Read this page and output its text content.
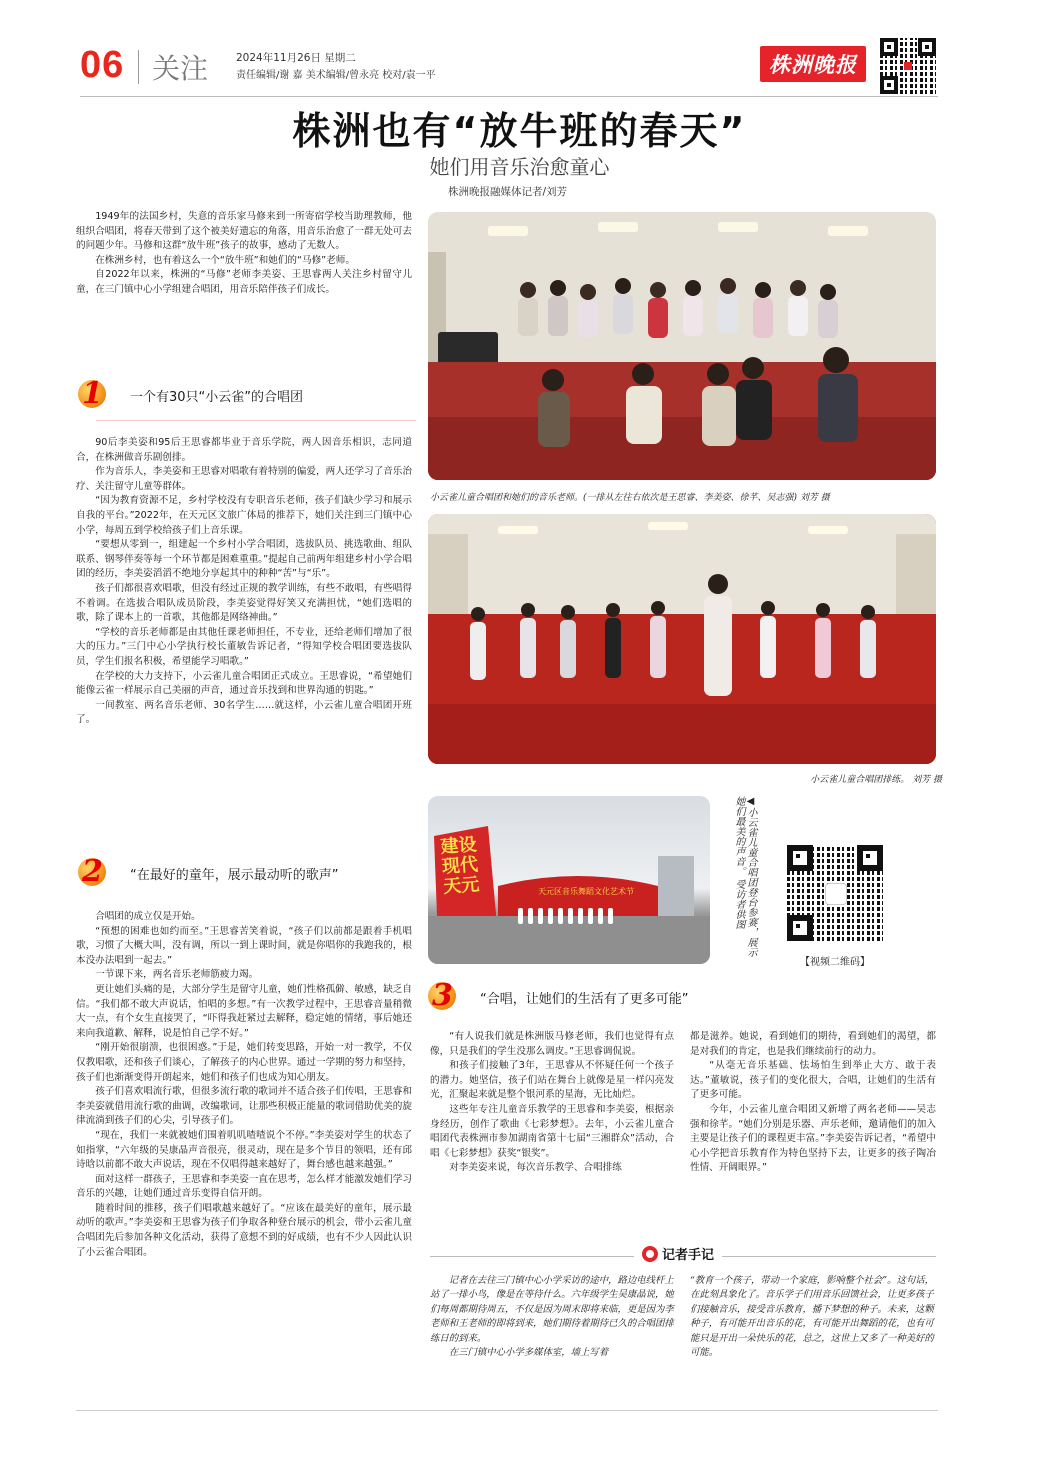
06 关注	2024年11月26日 星期二
责任编辑/谢 嘉 美术编辑/曾永亮 校对/袁一平	株洲晚报
株洲也有“放牛班的春天”
她们用音乐治愈童心
株洲晚报融媒体记者/刘芳

1949年的法国乡村，失意的音乐家马修来到一所寄宿学校当助理教师，他组织合唱团，将春天带到了这个被美好遗忘的角落，用音乐治愈了一群无处可去的问题少年。马修和这群“放牛班”孩子的故事，感动了无数人。

在株洲乡村，也有着这么一个“放牛班”和她们的“马修”老师。

自2022年以来，株洲的“马修”老师李美姿、王思睿两人关注乡村留守儿童，在三门镇中心小学组建合唱团，用音乐陪伴孩子们成长。

1 一个有30只“小云雀”的合唱团

90后李美姿和95后王思睿都毕业于音乐学院，两人因音乐相识，志同道合，在株洲做音乐剧创排。

作为音乐人，李美姿和王思睿对唱歌有着特别的偏爱，两人还学习了音乐治疗、关注留守儿童等群体。

“因为教育资源不足，乡村学校没有专职音乐老师，孩子们缺少学习和展示自我的平台。”2022年，在天元区文旅广体局的推荐下，她们关注到三门镇中心小学，每周五到学校给孩子们上音乐课。

“要想从零到一，组建起一个乡村小学合唱团，选拔队员、挑选歌曲、组队联系、钢琴伴奏等每一个环节都是困难重重。”提起自己前两年组建乡村小学合唱团的经历，李美姿滔滔不绝地分享起其中的种种“苦”与“乐”。

孩子们都很喜欢唱歌，但没有经过正规的教学训练，有些不敢唱，有些唱得不着调。在选拔合唱队成员阶段，李美姿觉得好笑又充满担忧，“她们选唱的歌，除了课本上的一首歌，其他都是网络神曲。”

“学校的音乐老师都是由其他任课老师担任，不专业，还给老师们增加了很大的压力。”三门中心小学执行校长董敏告诉记者，“得知学校合唱团要选拔队员，学生们报名积极，希望能学习唱歌。”

在学校的大力支持下，小云雀儿童合唱团正式成立。王思睿说，“希望她们能像云雀一样展示自己美丽的声音，通过音乐找到和世界沟通的钥匙。”

一间教室、两名音乐老师、30名学生……就这样，小云雀儿童合唱团开班了。

2 “在最好的童年，展示最动听的歌声”

合唱团的成立仅是开始。

“预想的困难也如约而至。”王思睿苦笑着说，“孩子们以前都是跟着手机唱歌，习惯了大概大叫，没有调，所以一到上课时间，就是你唱你的我跑我的，根本没办法唱到一起去。”

一节课下来，两名音乐老师筋疲力竭。

更让她们头痛的是，大部分学生是留守儿童，她们性格孤僻、敏感，缺乏自信。“我们都不敢大声说话，怕唱的多想。”有一次教学过程中，王思睿音量稍微大一点，有个女生直接哭了，“吓得我赶紧过去解释，稳定她的情绪，事后她还来向我道歉、解释，说是怕自己学不好。”

“刚开始很崩溃，也很困惑。”于是，她们转变思路，开始一对一教学，不仅仅教唱歌，还和孩子们谈心，了解孩子的内心世界。通过一学期的努力和坚持，孩子们也渐渐变得开朗起来，她们和孩子们也成为知心朋友。

孩子们喜欢唱流行歌，但很多流行歌的歌词并不适合孩子们传唱，王思睿和李美姿就借用流行歌的曲调，改编歌词，让那些积极正能量的歌词借助优美的旋律流淌到孩子们的心尖，引导孩子们。

“现在，我们一来就被她们围着叽叽喳喳说个不停。”李美姿对学生的状态了如指掌，“六年级的吴康晶声音很亮，很灵动，现在是多个节目的领唱，还有邱诗晗以前都不敢大声说话，现在不仅唱得越来越好了，舞台感也越来越强。”

面对这样一群孩子，王思睿和李美姿一直在思考，怎么样才能激发她们学习音乐的兴趣，让她们通过音乐变得自信开朗。

随着时间的推移，孩子们唱歌越来越好了。“应该在最美好的童年，展示最动听的歌声。”李美姿和王思睿为孩子们争取各种登台展示的机会，带小云雀儿童合唱团先后参加各种文化活动，获得了意想不到的好成绩，也有不少人因此认识了小云雀合唱团。

小云雀儿童合唱团和她们的音乐老师。(一排从左往右依次是王思睿、李美姿、徐芊、吴志强) 刘芳 摄
小云雀儿童合唱团排练。 刘芳 摄
建设现代天元	天元区音乐舞蹈文化艺术节	◀小云雀儿童合唱团登台参赛，展示她们最美的声音。 受访者供图
【视频二维码】
3 “合唱，让她们的生活有了更多可能”

“有人说我们就是株洲版马修老师，我们也觉得有点像，只是我们的学生没那么调皮。”王思睿调侃说。

和孩子们接触了3年，王思睿从不怀疑任何一个孩子的潜力。她坚信，孩子们站在舞台上就像是星一样闪亮发光，汇聚起来就是整个银河系的星海，无比灿烂。

这些年专注儿童音乐教学的王思睿和李美姿，根据亲身经历，创作了歌曲《七彩梦想》。去年，小云雀儿童合唱团代表株洲市参加湖南省第十七届“三湘群众”活动，合唱《七彩梦想》获奖“银奖”。

对李美姿来说，每次音乐教学、合唱排练

都是滋养。她说，看到她们的期待，看到她们的渴望，都是对我们的肯定，也是我们继续前行的动力。

“从毫无音乐基础、怯场怕生到举止大方、敢于表达。”董敏说，孩子们的变化很大，合唱，让她们的生活有了更多可能。

今年，小云雀儿童合唱团又新增了两名老师——吴志强和徐芊。“她们分别是乐器、声乐老师，邀请他们的加入主要是让孩子们的课程更丰富。”李美姿告诉记者，“希望中心小学把音乐教育作为特色坚持下去，让更多的孩子陶冶性情、开阔眼界。”

记者手记

记者在去往三门镇中心小学采访的途中，路边电线杆上站了一排小鸟，像是在等待什么。六年级学生吴康晶说，她们每周都期待周五，不仅是因为周末即将来临，更是因为李老师和王老师的即将到来，她们期待着期待已久的合唱团排练日的到来。

在三门镇中心小学多媒体室，墙上写着

“教育一个孩子，带动一个家庭，影响整个社会”。这句话，在此刻具象化了。音乐学子们用音乐回馈社会，让更多孩子们接触音乐，接受音乐教育，播下梦想的种子。未来，这颗种子，有可能开出音乐的花，有可能开出舞蹈的花，也有可能只是开出一朵快乐的花，总之，这世上又多了一种美好的可能。
